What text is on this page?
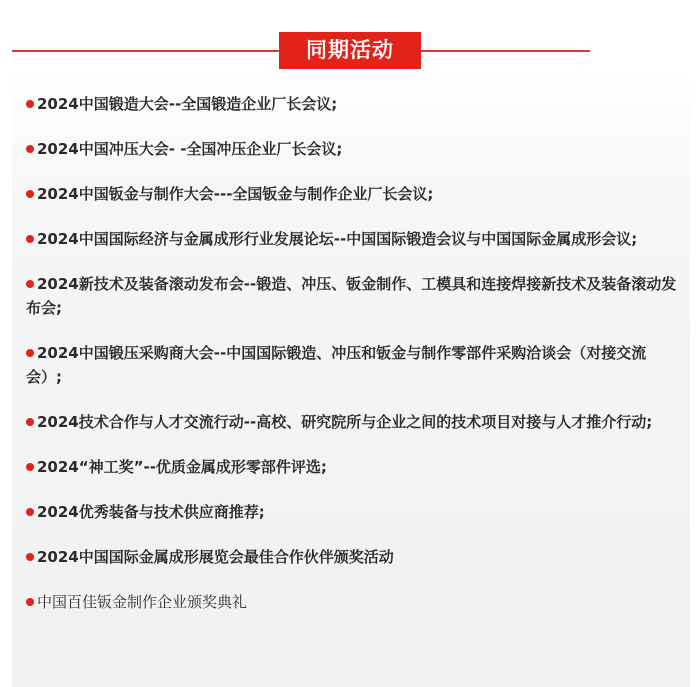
同期活动
2024中国锻造大会--全国锻造企业厂长会议;
2024中国冲压大会- -全国冲压企业厂长会议;
2024中国钣金与制作大会---全国钣金与制作企业厂长会议;
2024中国国际经济与金属成形行业发展论坛--中国国际锻造会议与中国国际金属成形会议;
2024新技术及装备滚动发布会--锻造、冲压、钣金制作、工模具和连接焊接新技术及装备滚动发布会;
2024中国锻压采购商大会--中国国际锻造、冲压和钣金与制作零部件采购洽谈会（对接交流会）;
2024技术合作与人才交流行动--高校、研究院所与企业之间的技术项目对接与人才推介行动;
2024“神工奖”--优质金属成形零部件评选;
2024优秀装备与技术供应商推荐;
2024中国国际金属成形展览会最佳合作伙伴颁奖活动
中国百佳钣金制作企业颁奖典礼
